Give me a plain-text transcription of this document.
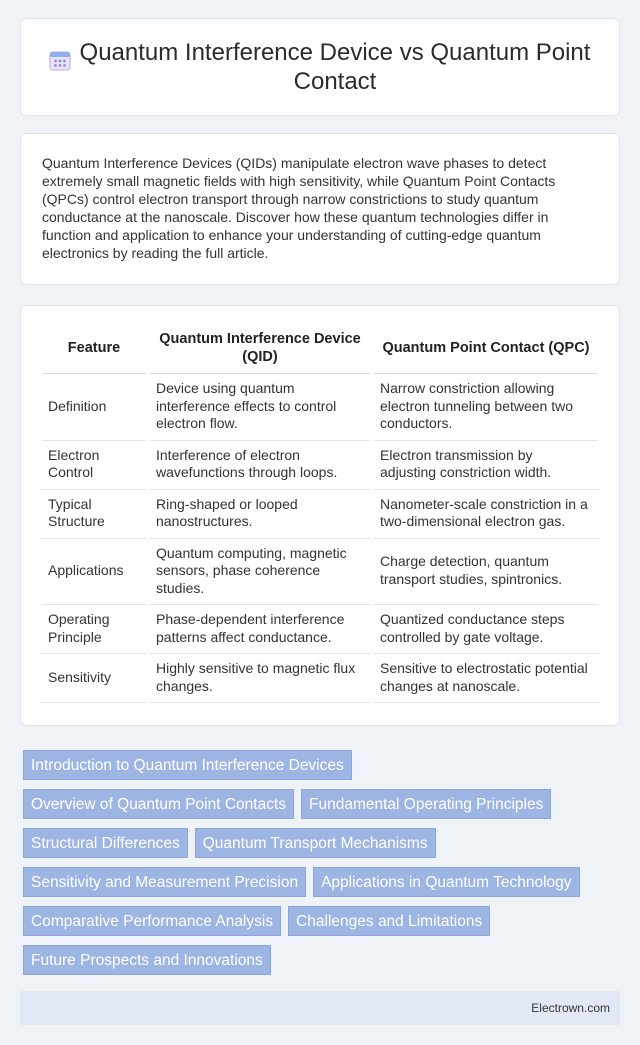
Quantum Interference Device vs Quantum Point Contact

Quantum Interference Devices (QIDs) manipulate electron wave phases to detect extremely small magnetic fields with high sensitivity, while Quantum Point Contacts (QPCs) control electron transport through narrow constrictions to study quantum conductance at the nanoscale. Discover how these quantum technologies differ in function and application to enhance your understanding of cutting-edge quantum electronics by reading the full article.

Feature	Quantum Interference Device (QID)	Quantum Point Contact (QPC)
Definition	Device using quantum interference effects to control electron flow.	Narrow constriction allowing electron tunneling between two conductors.
Electron Control	Interference of electron wavefunctions through loops.	Electron transmission by adjusting constriction width.
Typical Structure	Ring-shaped or looped nanostructures.	Nanometer-scale constriction in a two-dimensional electron gas.
Applications	Quantum computing, magnetic sensors, phase coherence studies.	Charge detection, quantum transport studies, spintronics.
Operating Principle	Phase-dependent interference patterns affect conductance.	Quantized conductance steps controlled by gate voltage.
Sensitivity	Highly sensitive to magnetic flux changes.	Sensitive to electrostatic potential changes at nanoscale.
Introduction to Quantum Interference Devices
Overview of Quantum Point Contacts	Fundamental Operating Principles
Structural Differences	Quantum Transport Mechanisms
Sensitivity and Measurement Precision	Applications in Quantum Technology
Comparative Performance Analysis	Challenges and Limitations
Future Prospects and Innovations
Electrown.com
